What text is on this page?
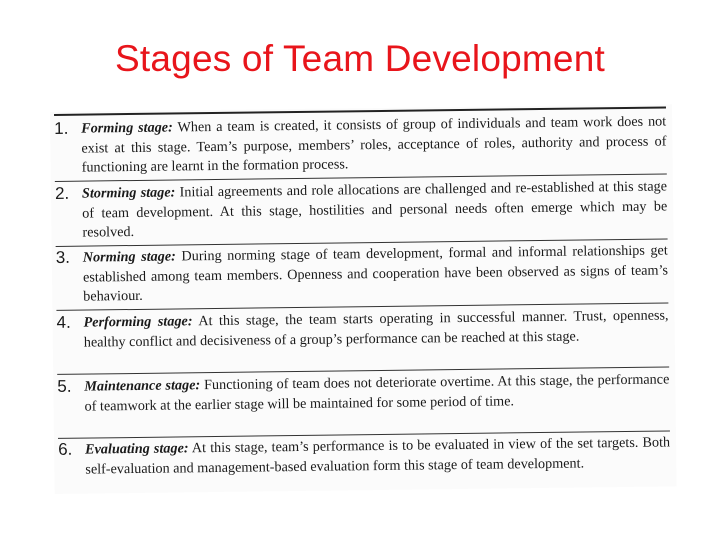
Stages of Team Development
1. Forming stage: When a team is created, it consists of group of individuals and team work does not exist at this stage. Team’s purpose, members’ roles, acceptance of roles, authority and process of functioning are learnt in the formation process.
2. Storming stage: Initial agreements and role allocations are challenged and re-established at this stage of team development. At this stage, hostilities and personal needs often emerge which may be resolved.
3. Norming stage: During norming stage of team development, formal and informal relationships get established among team members. Openness and cooperation have been observed as signs of team’s behaviour.
4. Performing stage: At this stage, the team starts operating in successful manner. Trust, openness, healthy conflict and decisiveness of a group’s performance can be reached at this stage.
5. Maintenance stage: Functioning of team does not deteriorate overtime. At this stage, the performance of teamwork at the earlier stage will be maintained for some period of time.
6. Evaluating stage: At this stage, team’s performance is to be evaluated in view of the set targets. Both self-evaluation and management-based evaluation form this stage of team development.
